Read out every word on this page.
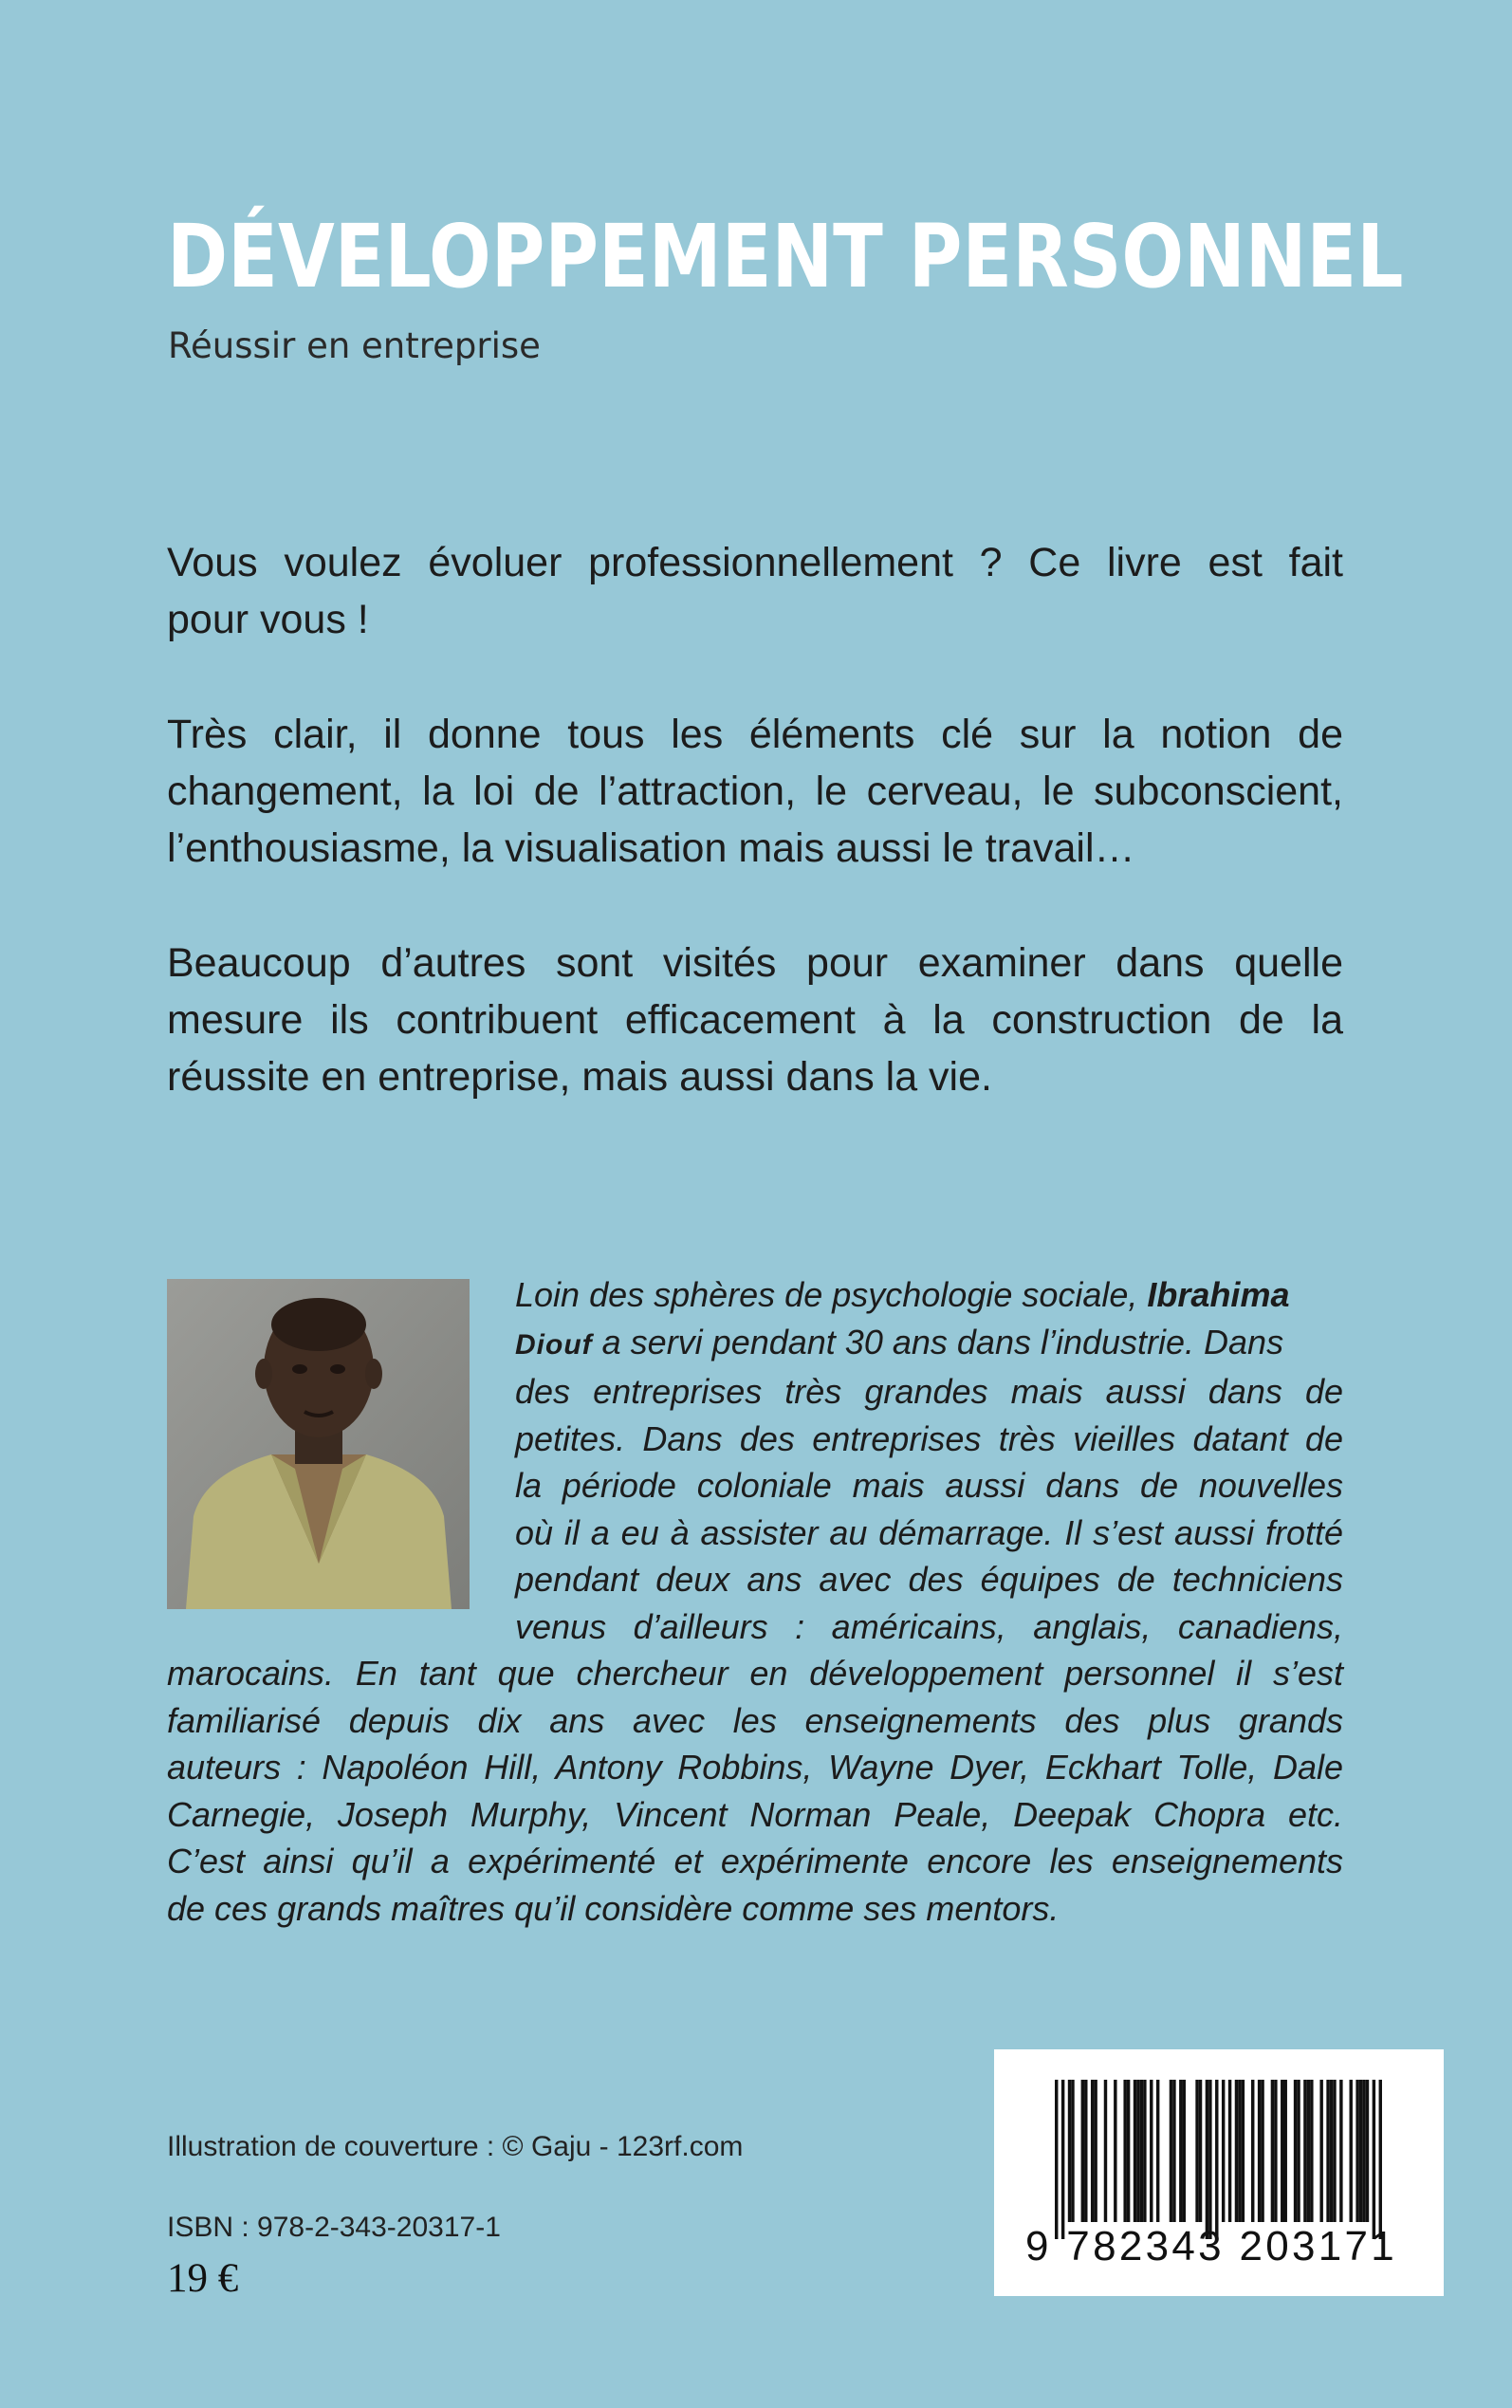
DÉVELOPPEMENT PERSONNEL
Réussir en entreprise
Vous voulez évoluer professionnellement ? Ce livre est fait
pour vous !
Très clair, il donne tous les éléments clé sur la notion de
changement, la loi de l’attraction, le cerveau, le subconscient,
l’enthousiasme, la visualisation mais aussi le travail…
Beaucoup d’autres sont visités pour examiner dans quelle
mesure ils contribuent efficacement à la construction de la
réussite en entreprise, mais aussi dans la vie.
Loin des sphères de psychologie sociale, Ibrahima
Diouf a servi pendant 30 ans dans l’industrie. Dans
des entreprises très grandes mais aussi dans de
petites. Dans des entreprises très vieilles datant de
la période coloniale mais aussi dans de nouvelles
où il a eu à assister au démarrage. Il s’est aussi frotté
pendant deux ans avec des équipes de techniciens
venus d’ailleurs : américains, anglais, canadiens,
marocains. En tant que chercheur en développement personnel il s’est
familiarisé depuis dix ans avec les enseignements des plus grands
auteurs : Napoléon Hill, Antony Robbins, Wayne Dyer, Eckhart Tolle, Dale
Carnegie, Joseph Murphy, Vincent Norman Peale, Deepak Chopra etc.
C’est ainsi qu’il a expérimenté et expérimente encore les enseignements
de ces grands maîtres qu’il considère comme ses mentors.
Illustration de couverture : © Gaju - 123rf.com
ISBN : 978-2-343-20317-1
19 €
9 782343 203171
